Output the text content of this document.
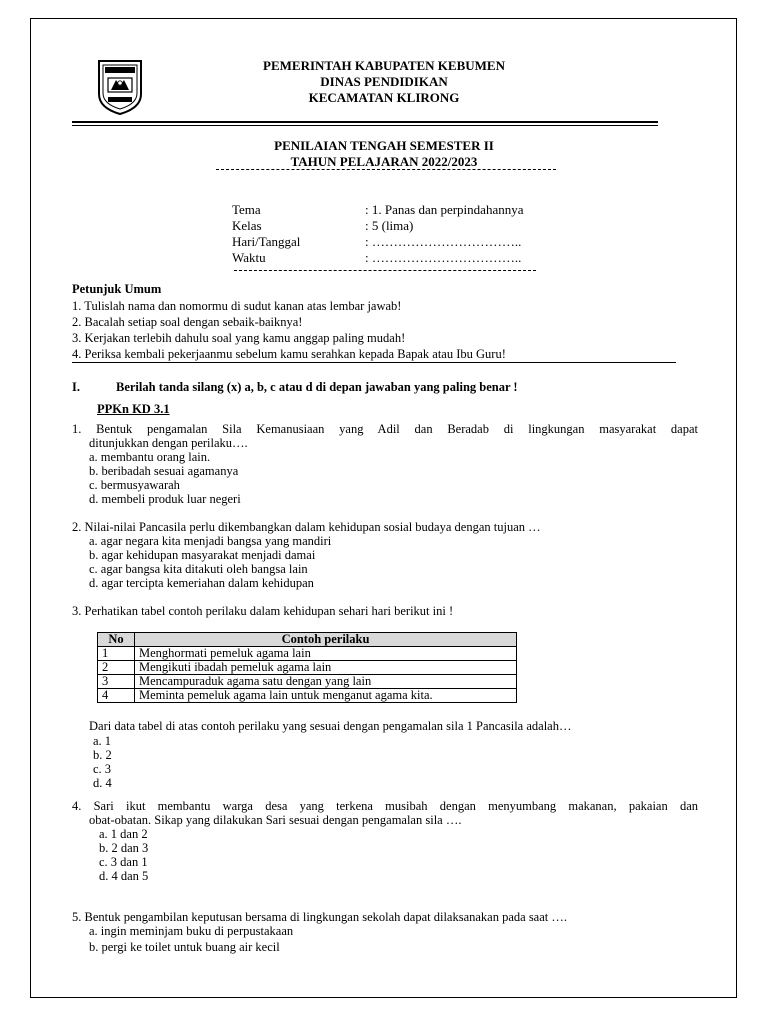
PEMERINTAH KABUPATEN KEBUMEN
DINAS PENDIDIKAN
KECAMATAN KLIRONG
PENILAIAN TENGAH SEMESTER II
TAHUN PELAJARAN 2022/2023
Tema	: 1. Panas dan perpindahannya
Kelas	: 5 (lima)
Hari/Tanggal	: ……………………………..
Waktu	: ……………………………..
Petunjuk Umum
1. Tulislah nama dan nomormu di sudut kanan atas lembar jawab!
2. Bacalah setiap soal dengan sebaik-baiknya!
3. Kerjakan terlebih dahulu soal yang kamu anggap paling mudah!
4. Periksa kembali pekerjaanmu sebelum kamu serahkan kepada Bapak atau Ibu Guru!
I.	Berilah tanda silang (x) a, b, c atau d di depan jawaban yang paling benar !
PPKn KD 3.1
1. Bentuk pengamalan Sila Kemanusiaan yang Adil dan Beradab di lingkungan masyarakat dapat
ditunjukkan dengan perilaku….
a. membantu orang lain.
b. beribadah sesuai agamanya
c. bermusyawarah
d. membeli produk luar negeri
2. Nilai-nilai Pancasila perlu dikembangkan dalam kehidupan sosial budaya dengan tujuan …
a. agar negara kita menjadi bangsa yang mandiri
b. agar kehidupan masyarakat menjadi damai
c. agar bangsa kita ditakuti oleh bangsa lain
d. agar tercipta kemeriahan dalam kehidupan
3. Perhatikan tabel contoh perilaku dalam kehidupan sehari hari berikut ini !
No	Contoh perilaku
1	Menghormati pemeluk agama lain
2	Mengikuti ibadah pemeluk agama lain
3	Mencampuraduk agama satu dengan yang lain
4	Meminta pemeluk agama lain untuk menganut agama kita.
Dari data tabel di atas contoh perilaku yang sesuai dengan pengamalan sila 1 Pancasila adalah…
a. 1
b. 2
c. 3
d. 4
4. Sari ikut membantu warga desa yang terkena musibah dengan menyumbang makanan, pakaian dan
obat-obatan. Sikap yang dilakukan Sari sesuai dengan pengamalan sila ….
a. 1 dan 2
b. 2 dan 3
c. 3 dan 1
d. 4 dan 5
5. Bentuk pengambilan keputusan bersama di lingkungan sekolah dapat dilaksanakan pada saat ….
a. ingin meminjam buku di perpustakaan
b. pergi ke toilet untuk buang air kecil
